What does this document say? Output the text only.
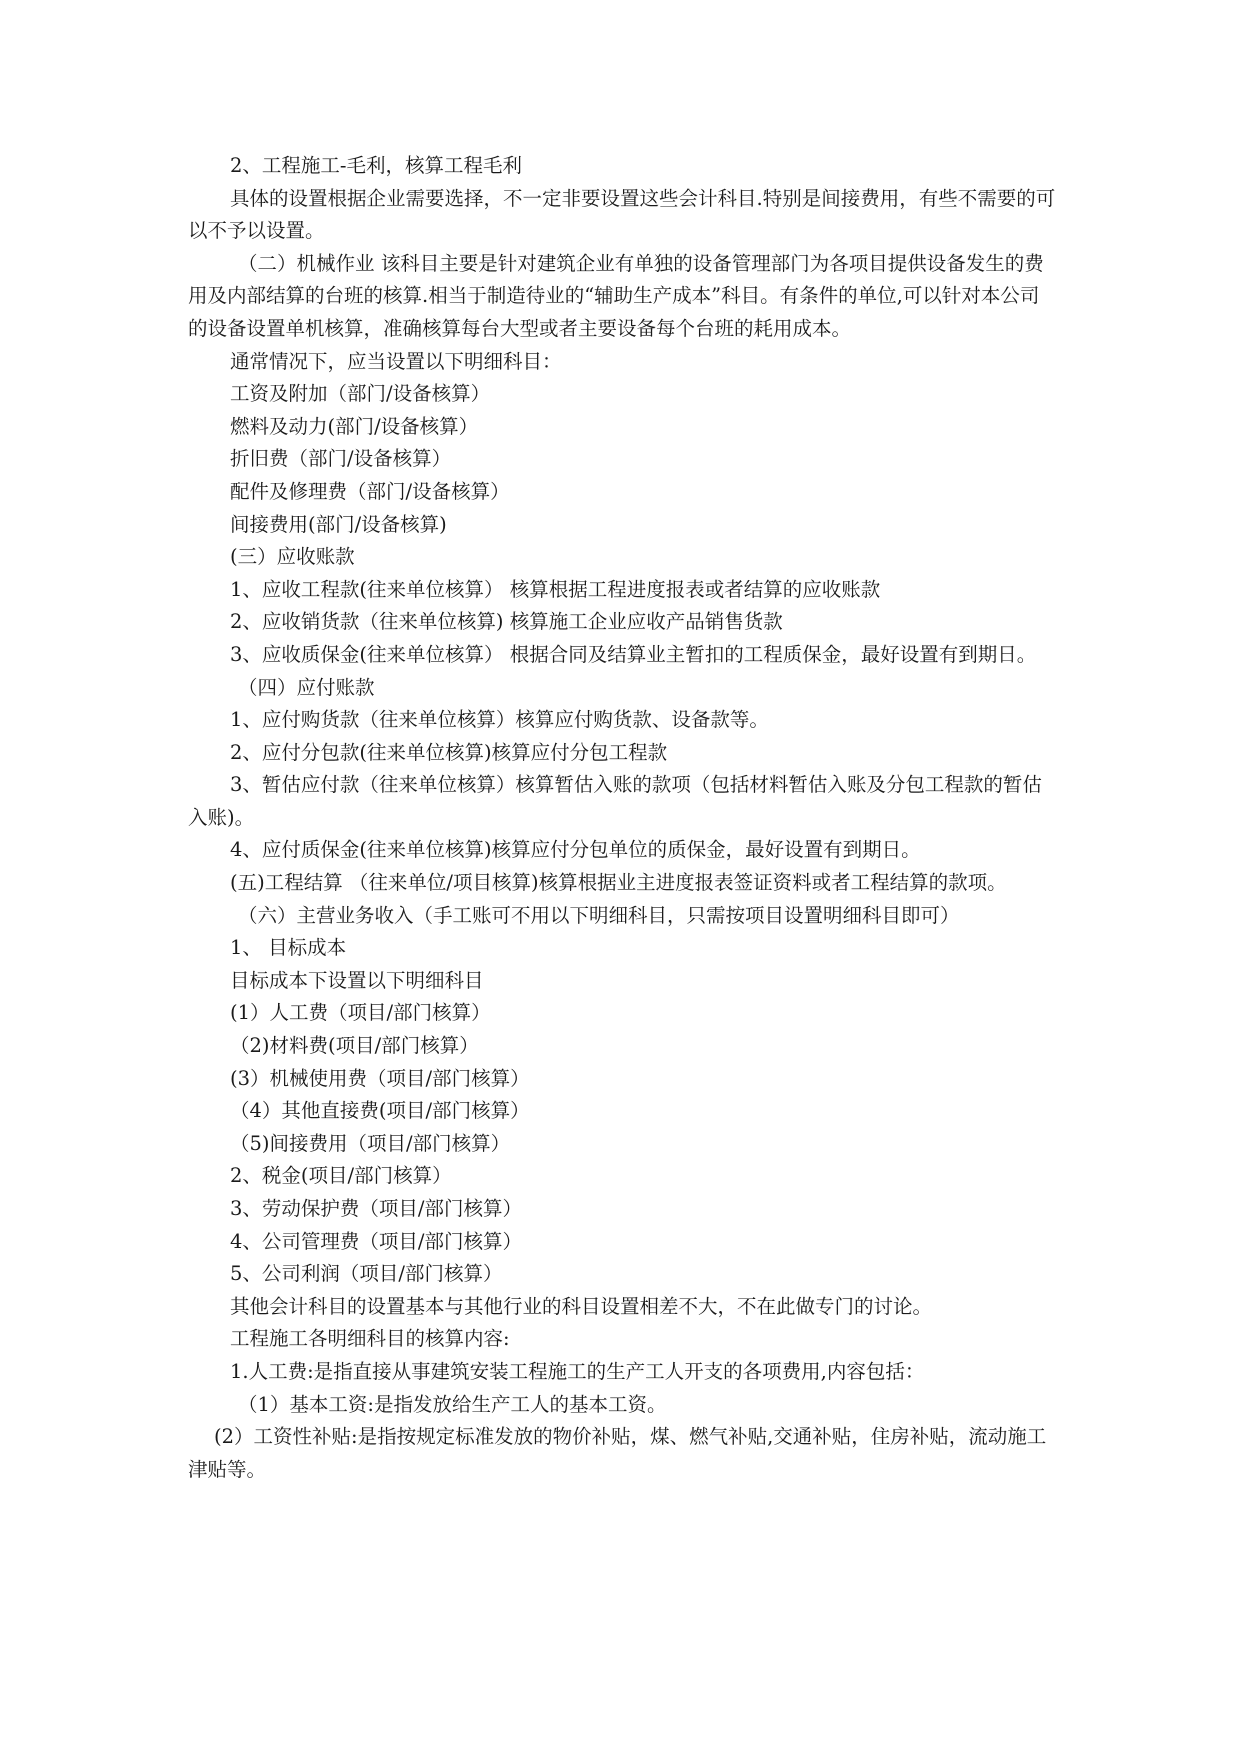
2、工程施工-毛利，核算工程毛利

具体的设置根据企业需要选择，不一定非要设置这些会计科目.特别是间接费用，有些不需要的可以不予以设置。

（二）机械作业 该科目主要是针对建筑企业有单独的设备管理部门为各项目提供设备发生的费用及内部结算的台班的核算.相当于制造待业的“辅助生产成本”科目。有条件的单位,可以针对本公司的设备设置单机核算，准确核算每台大型或者主要设备每个台班的耗用成本。

通常情况下，应当设置以下明细科目：

工资及附加（部门/设备核算）

燃料及动力(部门/设备核算）

折旧费（部门/设备核算）

配件及修理费（部门/设备核算）

间接费用(部门/设备核算)

(三）应收账款

1、应收工程款(往来单位核算） 核算根据工程进度报表或者结算的应收账款

2、应收销货款（往来单位核算) 核算施工企业应收产品销售货款

3、应收质保金(往来单位核算） 根据合同及结算业主暂扣的工程质保金，最好设置有到期日。

（四）应付账款

1、应付购货款（往来单位核算）核算应付购货款、设备款等。

2、应付分包款(往来单位核算)核算应付分包工程款

3、暂估应付款（往来单位核算）核算暂估入账的款项（包括材料暂估入账及分包工程款的暂估入账)。

4、应付质保金(往来单位核算)核算应付分包单位的质保金，最好设置有到期日。

(五)工程结算 （往来单位/项目核算)核算根据业主进度报表签证资料或者工程结算的款项。

（六）主营业务收入（手工账可不用以下明细科目，只需按项目设置明细科目即可）

1、 目标成本

目标成本下设置以下明细科目

(1）人工费（项目/部门核算）

（2)材料费(项目/部门核算）

(3）机械使用费（项目/部门核算）

（4）其他直接费(项目/部门核算）

（5)间接费用（项目/部门核算）

2、税金(项目/部门核算）

3、劳动保护费（项目/部门核算）

4、公司管理费（项目/部门核算）

5、公司利润（项目/部门核算）

其他会计科目的设置基本与其他行业的科目设置相差不大，不在此做专门的讨论。

工程施工各明细科目的核算内容:

1.人工费:是指直接从事建筑安装工程施工的生产工人开支的各项费用,内容包括：

（1）基本工资:是指发放给生产工人的基本工资。

(2）工资性补贴:是指按规定标准发放的物价补贴，煤、燃气补贴,交通补贴，住房补贴，流动施工津贴等。
